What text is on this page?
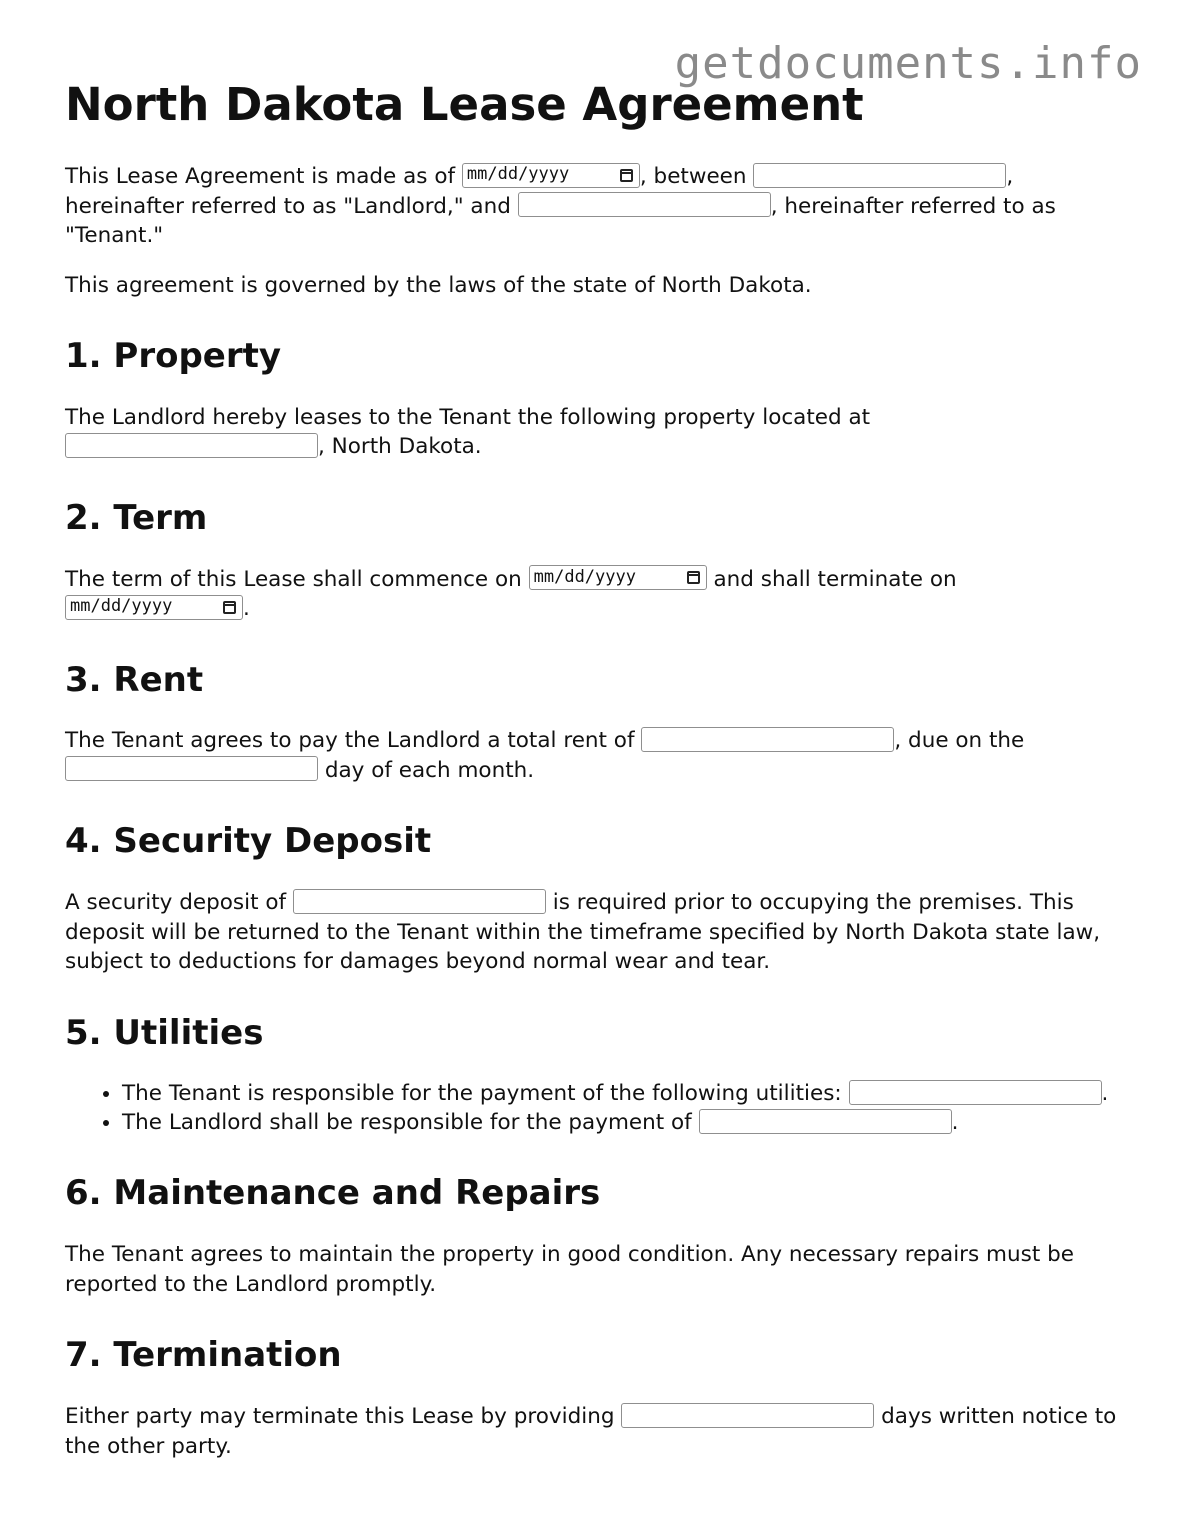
getdocuments.info
North Dakota Lease Agreement

This Lease Agreement is made as of mm/dd/yyyy	, between	, hereinafter referred to as "Landlord," and	, hereinafter referred to as "Tenant."

This agreement is governed by the laws of the state of North Dakota.

1. Property

The Landlord hereby leases to the Tenant the following property located at , North Dakota.

2. Term

The term of this Lease shall commence on mm/dd/yyyy	and shall terminate on
mm/dd/yyyy	.

3. Rent

The Tenant agrees to pay the Landlord a total rent of	, due on the  day of each month.

4. Security Deposit

A security deposit of	is required prior to occupying the premises. This deposit will be returned to the Tenant within the timeframe specified by North Dakota state law, subject to deductions for damages beyond normal wear and tear.

5. Utilities
• The Tenant is responsible for the payment of the following utilities:	.
• The Landlord shall be responsible for the payment of	.
6. Maintenance and Repairs

The Tenant agrees to maintain the property in good condition. Any necessary repairs must be reported to the Landlord promptly.

7. Termination

Either party may terminate this Lease by providing	days written notice to the other party.
